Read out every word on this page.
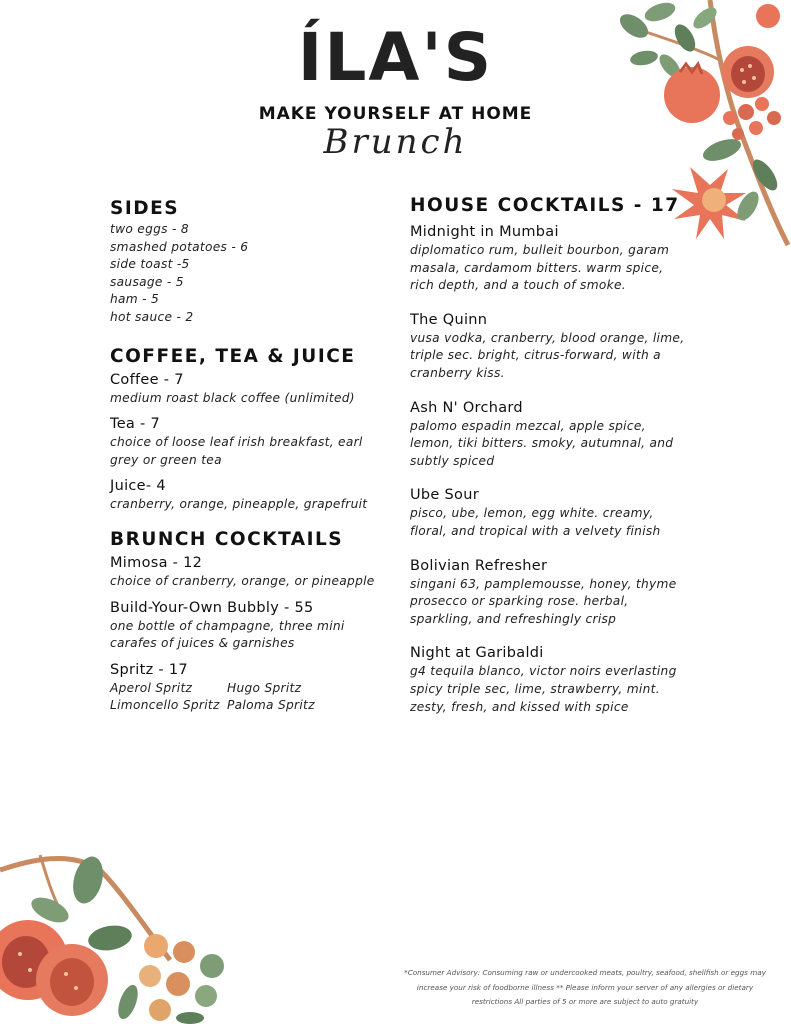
ÍLA'S
MAKE YOURSELF AT HOME
Brunch
SIDES
two eggs - 8
smashed potatoes - 6
side toast -5
sausage - 5
ham - 5
hot sauce - 2
COFFEE, TEA & JUICE
Coffee - 7
medium roast black coffee (unlimited)
Tea - 7
choice of loose leaf irish breakfast, earl grey or green tea
Juice- 4
cranberry, orange, pineapple, grapefruit
BRUNCH COCKTAILS
Mimosa - 12
choice of cranberry, orange, or pineapple
Build-Your-Own Bubbly - 55
one bottle of champagne, three mini carafes of juices & garnishes
Spritz - 17
Aperol Spritz	Hugo Spritz
Limoncello Spritz Paloma Spritz
HOUSE COCKTAILS - 17
Midnight in Mumbai
diplomatico rum, bulleit bourbon, garam masala, cardamom bitters. warm spice, rich depth, and a touch of smoke.
The Quinn
vusa vodka, cranberry, blood orange, lime, triple sec. bright, citrus-forward, with a cranberry kiss.
Ash N' Orchard
palomo espadin mezcal, apple spice, lemon, tiki bitters. smoky, autumnal, and subtly spiced
Ube Sour
pisco, ube, lemon, egg white. creamy, floral, and tropical with a velvety finish
Bolivian Refresher
singani 63, pamplemousse, honey, thyme prosecco or sparking rose. herbal, sparkling, and refreshingly crisp
Night at Garibaldi
g4 tequila blanco, victor noirs everlasting spicy triple sec, lime, strawberry, mint. zesty, fresh, and kissed with spice
*Consumer Advisory: Consuming raw or undercooked meats, poultry, seafood, shellfish or eggs may increase your risk of foodborne illness ** Please inform your server of any allergies or dietary restrictions All parties of 5 or more are subject to auto gratuity
